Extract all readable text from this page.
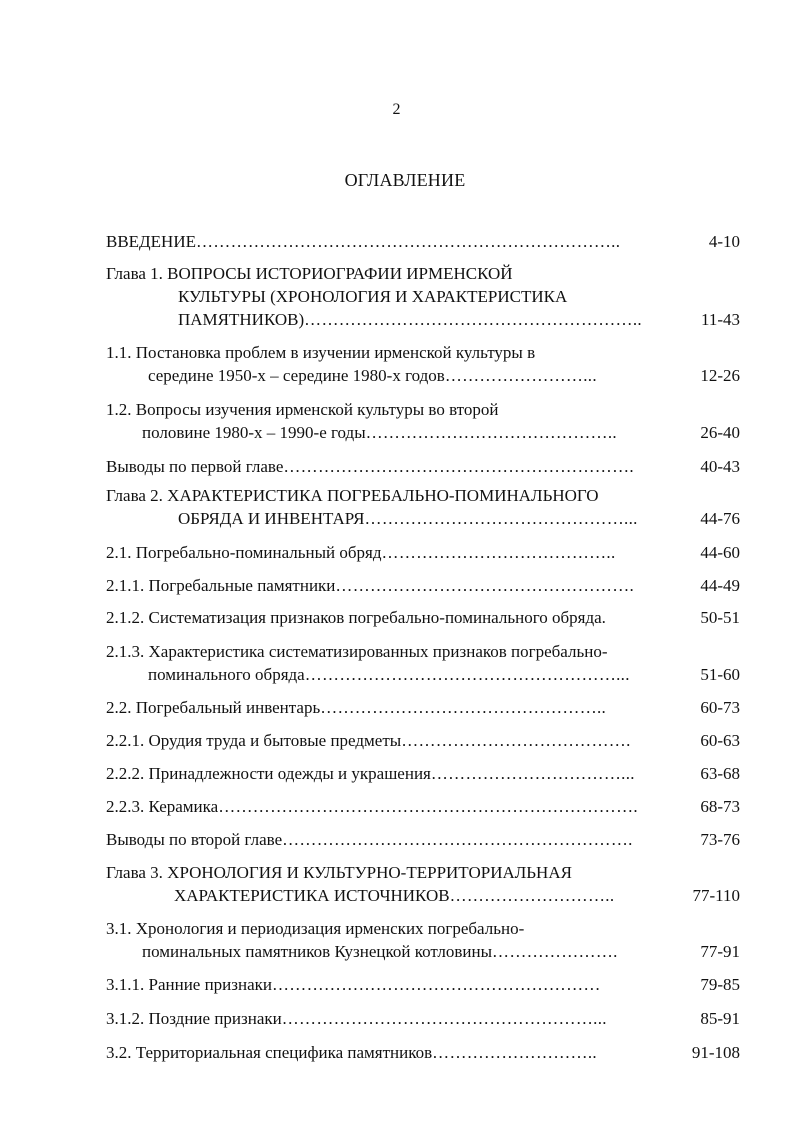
2
ОГЛАВЛЕНИЕ
ВВЕДЕНИЕ………………………………………………………………..	4-10
Глава 1. ВОПРОСЫ ИСТОРИОГРАФИИ ИРМЕНСКОЙ
КУЛЬТУРЫ (ХРОНОЛОГИЯ И ХАРАКТЕРИСТИКА
ПАМЯТНИКОВ)…………………………………………………..	11-43
1.1. Постановка проблем в изучении ирменской культуры в
середине 1950-х – середине 1980-х годов……………………...	12-26
1.2. Вопросы изучения ирменской культуры во второй
половине 1980-х – 1990-е годы……………………………………..	26-40
Выводы по первой главе…………………………………………………….	40-43
Глава 2. ХАРАКТЕРИСТИКА ПОГРЕБАЛЬНО-ПОМИНАЛЬНОГО
ОБРЯДА И ИНВЕНТАРЯ………………………………………...	44-76
2.1. Погребально-поминальный обряд…………………………………..	44-60
2.1.1. Погребальные памятники…………………………………………….	44-49
2.1.2. Систематизация признаков погребально-поминального обряда.	50-51
2.1.3. Характеристика систематизированных признаков погребально-
поминального обряда………………………………………………...	51-60
2.2. Погребальный инвентарь…………………………………………..	60-73
2.2.1. Орудия труда и бытовые предметы………………………………….	60-63
2.2.2. Принадлежности одежды и украшения……………………………...	63-68
2.2.3. Керамика……………………………………………………………….	68-73
Выводы по второй главе…………………………………………………….	73-76
Глава 3. ХРОНОЛОГИЯ И КУЛЬТУРНО-ТЕРРИТОРИАЛЬНАЯ
ХАРАКТЕРИСТИКА ИСТОЧНИКОВ………………………..	77-110
3.1. Хронология и периодизация ирменских погребально-
поминальных памятников Кузнецкой котловины………………….	77-91
3.1.1. Ранние признаки…………………………………………………	79-85
3.1.2. Поздние признаки………………………………………………...	85-91
3.2. Территориальная специфика памятников………………………..	91-108
